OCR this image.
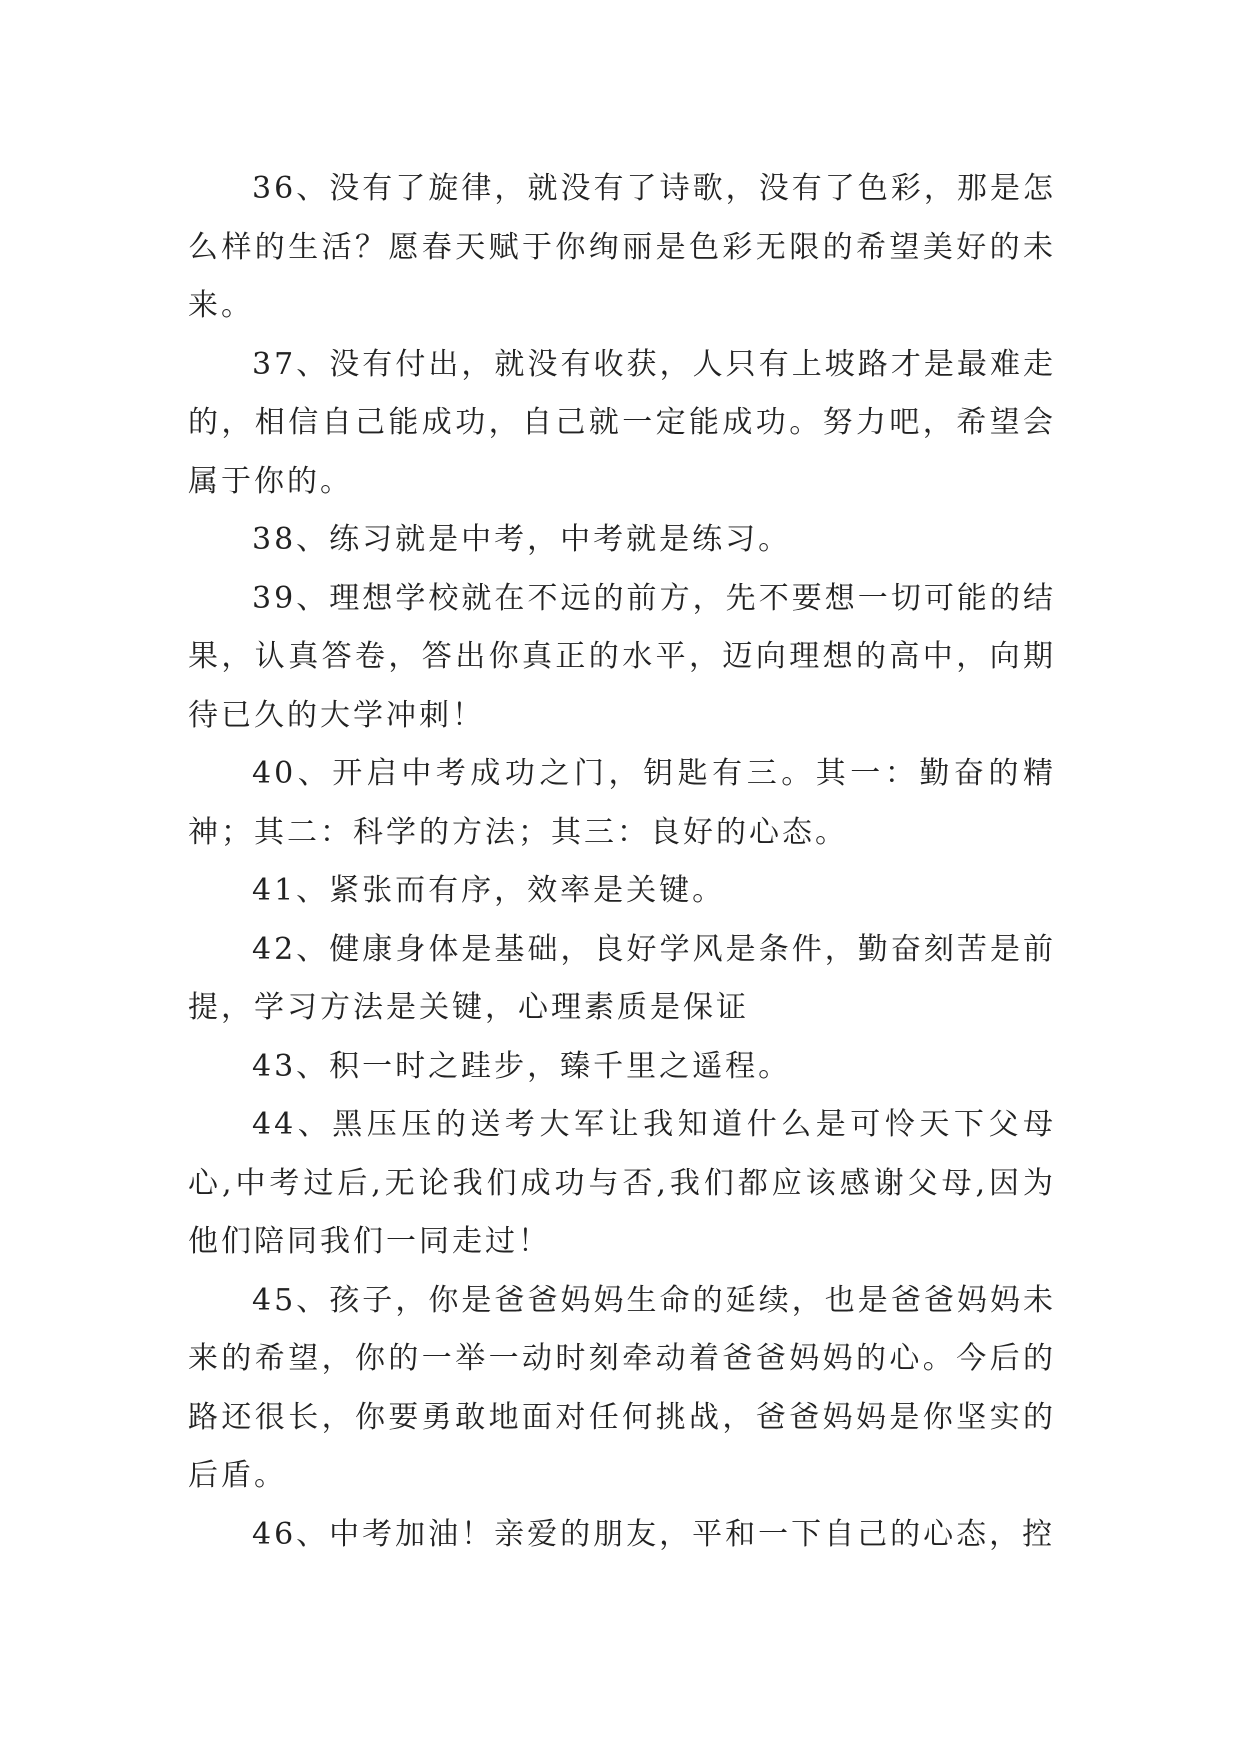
36、没有了旋律，就没有了诗歌，没有了色彩，那是怎么样的生活？愿春天赋于你绚丽是色彩无限的希望美好的未来。

37、没有付出，就没有收获，人只有上坡路才是最难走的，相信自己能成功，自己就一定能成功。努力吧，希望会属于你的。

38、练习就是中考，中考就是练习。

39、理想学校就在不远的前方，先不要想一切可能的结果，认真答卷，答出你真正的水平，迈向理想的高中，向期待已久的大学冲刺！

40、开启中考成功之门，钥匙有三。其一：勤奋的精神；其二：科学的方法；其三：良好的心态。

41、紧张而有序，效率是关键。

42、健康身体是基础，良好学风是条件，勤奋刻苦是前提，学习方法是关键，心理素质是保证

43、积一时之跬步，臻千里之遥程。

44、黑压压的送考大军让我知道什么是可怜天下父母心,中考过后,无论我们成功与否,我们都应该感谢父母,因为他们陪同我们一同走过！

45、孩子，你是爸爸妈妈生命的延续，也是爸爸妈妈未来的希望，你的一举一动时刻牵动着爸爸妈妈的心。今后的路还很长，你要勇敢地面对任何挑战，爸爸妈妈是你坚实的后盾。

46、中考加油！亲爱的朋友，平和一下自己的心态，控
